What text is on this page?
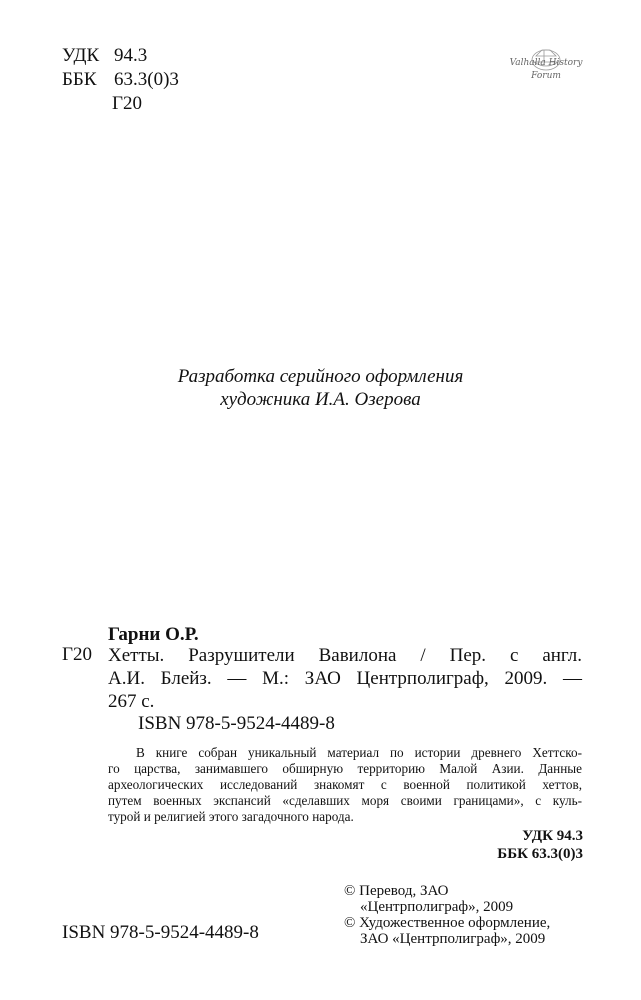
УДК 94.3
ББК 63.3(0)3
Г20
Valhalla History
Forum
Разработка серийного оформления
художника И.А. Озерова
Гарни О.Р.
Г20 Хетты. Разрушители Вавилона / Пер. с англ.
А.И. Блейз. — М.: ЗАО Центрполиграф, 2009. —
267 с.
ISBN 978-5-9524-4489-8
В книге собран уникальный материал по истории древнего Хеттско-
го царства, занимавшего обширную территорию Малой Азии. Данные
археологических исследований знакомят с военной политикой хеттов,
путем военных экспансий «сделавших моря своими границами», с куль-
турой и религией этого загадочного народа.
УДК 94.3
ББК 63.3(0)3
© Перевод, ЗАО
«Центрполиграф», 2009
© Художественное оформление,
ЗАО «Центрполиграф», 2009
ISBN 978-5-9524-4489-8
